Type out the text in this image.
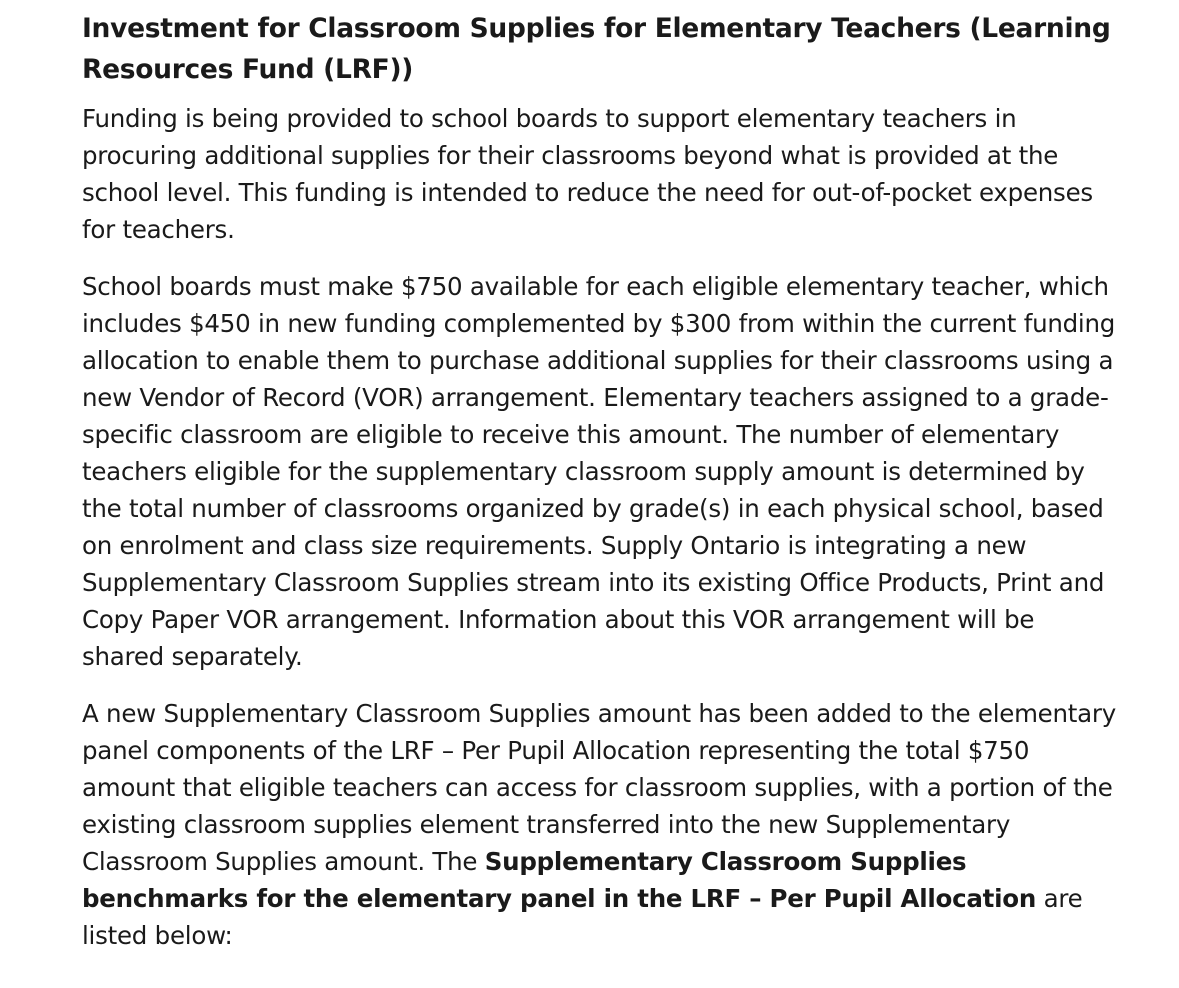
Investment for Classroom Supplies for Elementary Teachers (Learning Resources Fund (LRF))

Funding is being provided to school boards to support elementary teachers in procuring additional supplies for their classrooms beyond what is provided at the school level. This funding is intended to reduce the need for out-of-pocket expenses for teachers.

School boards must make $750 available for each eligible elementary teacher, which includes $450 in new funding complemented by $300 from within the current funding allocation to enable them to purchase additional supplies for their classrooms using a new Vendor of Record (VOR) arrangement. Elementary teachers assigned to a grade-specific classroom are eligible to receive this amount. The number of elementary teachers eligible for the supplementary classroom supply amount is determined by the total number of classrooms organized by grade(s) in each physical school, based on enrolment and class size requirements. Supply Ontario is integrating a new Supplementary Classroom Supplies stream into its existing Office Products, Print and Copy Paper VOR arrangement. Information about this VOR arrangement will be shared separately.

A new Supplementary Classroom Supplies amount has been added to the elementary panel components of the LRF – Per Pupil Allocation representing the total $750 amount that eligible teachers can access for classroom supplies, with a portion of the existing classroom supplies element transferred into the new Supplementary Classroom Supplies amount. The Supplementary Classroom Supplies benchmarks for the elementary panel in the LRF – Per Pupil Allocation are listed below:
